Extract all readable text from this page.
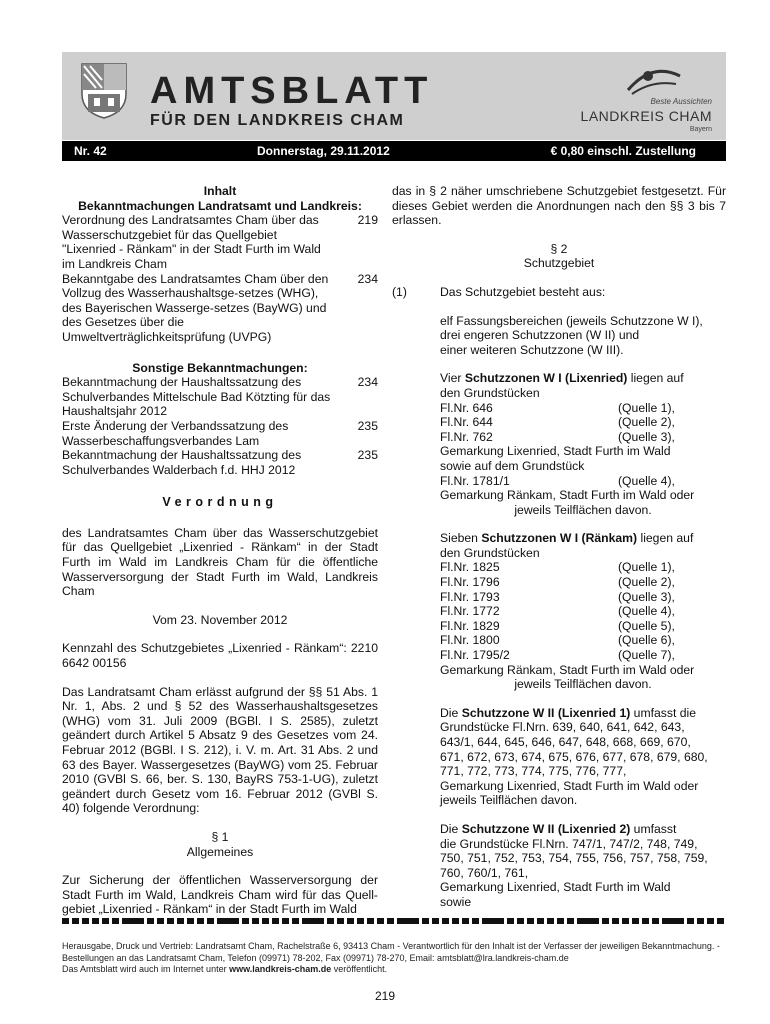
AMTSBLATT
FÜR DEN LANDKREIS CHAM
Beste Aussichten
LANDKREIS CHAM
Bayern
Nr. 42	Donnerstag, 29.11.2012	€ 0,80 einschl. Zustellung
Inhalt
Bekanntmachungen Landratsamt und Landkreis:
Verordnung des Landratsamtes Cham über das Wasserschutzgebiet für das Quellgebiet "Lixenried - Ränkam" in der Stadt Furth im Wald im Landkreis Cham
219
Bekanntgabe des Landratsamtes Cham über den Vollzug des Wasserhaushaltsge-setzes (WHG), des Bayerischen Wasserge-setzes (BayWG) und des Gesetzes über die Umweltverträglichkeitsprüfung (UVPG)
234
Sonstige Bekanntmachungen:
Bekanntmachung der Haushaltssatzung des Schulverbandes Mittelschule Bad Kötzting für das Haushaltsjahr 2012
234
Erste Änderung der Verbandssatzung des Wasserbeschaffungsverbandes Lam
235
Bekanntmachung der Haushaltssatzung des Schulverbandes Walderbach f.d. HHJ 2012
235
Verordnung
des Landratsamtes Cham über das Wasserschutzgebiet für das Quellgebiet „Lixenried - Ränkam“ in der Stadt Furth im Wald im Landkreis Cham für die öffentliche Wasserversorgung der Stadt Furth im Wald, Landkreis Cham
Vom 23. November 2012
Kennzahl des Schutzgebietes „Lixenried - Ränkam“: 2210 6642 00156
Das Landratsamt Cham erlässt aufgrund der §§ 51 Abs. 1 Nr. 1, Abs. 2 und § 52 des Wasserhaushaltsgesetzes (WHG) vom 31. Juli 2009 (BGBl. I S. 2585), zuletzt geändert durch Artikel 5 Absatz 9 des Gesetzes vom 24. Februar 2012 (BGBl. I S. 212), i. V. m. Art. 31 Abs. 2 und 63 des Bayer. Wassergesetzes (BayWG) vom 25. Februar 2010 (GVBl S. 66, ber. S. 130, BayRS 753-1-UG), zuletzt geändert durch Gesetz vom 16. Februar 2012 (GVBl S. 40) folgende Verordnung:
§ 1
Allgemeines
Zur Sicherung der öffentlichen Wasserversorgung der Stadt Furth im Wald, Landkreis Cham wird für das Quell-gebiet „Lixenried - Ränkam“ in der Stadt Furth im Wald
das in § 2 näher umschriebene Schutzgebiet festgesetzt. Für dieses Gebiet werden die Anordnungen nach den §§ 3 bis 7 erlassen.
§ 2
Schutzgebiet
(1)	Das Schutzgebiet besteht aus:
elf Fassungsbereichen (jeweils Schutzzone W I),
drei engeren Schutzzonen (W II) und
einer weiteren Schutzzone (W III).
Vier Schutzzonen W I (Lixenried) liegen auf
den Grundstücken
Fl.Nr. 646	(Quelle 1),
Fl.Nr. 644	(Quelle 2),
Fl.Nr. 762	(Quelle 3),
Gemarkung Lixenried, Stadt Furth im Wald
sowie auf dem Grundstück
Fl.Nr. 1781/1	(Quelle 4),
Gemarkung Ränkam, Stadt Furth im Wald oder
jeweils Teilflächen davon.
Sieben Schutzzonen W I (Ränkam) liegen auf
den Grundstücken
Fl.Nr. 1825	(Quelle 1),
Fl.Nr. 1796	(Quelle 2),
Fl.Nr. 1793	(Quelle 3),
Fl.Nr. 1772	(Quelle 4),
Fl.Nr. 1829	(Quelle 5),
Fl.Nr. 1800	(Quelle 6),
Fl.Nr. 1795/2	(Quelle 7),
Gemarkung Ränkam, Stadt Furth im Wald oder
jeweils Teilflächen davon.
Die Schutzzone W II (Lixenried 1) umfasst die
Grundstücke Fl.Nrn. 639, 640, 641, 642, 643,
643/1, 644, 645, 646, 647, 648, 668, 669, 670,
671, 672, 673, 674, 675, 676, 677, 678, 679, 680,
771, 772, 773, 774, 775, 776, 777,
Gemarkung Lixenried, Stadt Furth im Wald oder
jeweils Teilflächen davon.
Die Schutzzone W II (Lixenried 2) umfasst
die Grundstücke Fl.Nrn. 747/1, 747/2, 748, 749,
750, 751, 752, 753, 754, 755, 756, 757, 758, 759,
760, 760/1, 761,
Gemarkung Lixenried, Stadt Furth im Wald
sowie
Herausgabe, Druck und Vertrieb: Landratsamt Cham, Rachelstraße 6, 93413 Cham - Verantwortlich für den Inhalt ist der Verfasser der jeweiligen Bekanntmachung. - Bestellungen an das Landratsamt Cham, Telefon (09971) 78-202, Fax (09971) 78-270, Email: amtsblatt@lra.landkreis-cham.de
Das Amtsblatt wird auch im Internet unter www.landkreis-cham.de veröffentlicht.
219
